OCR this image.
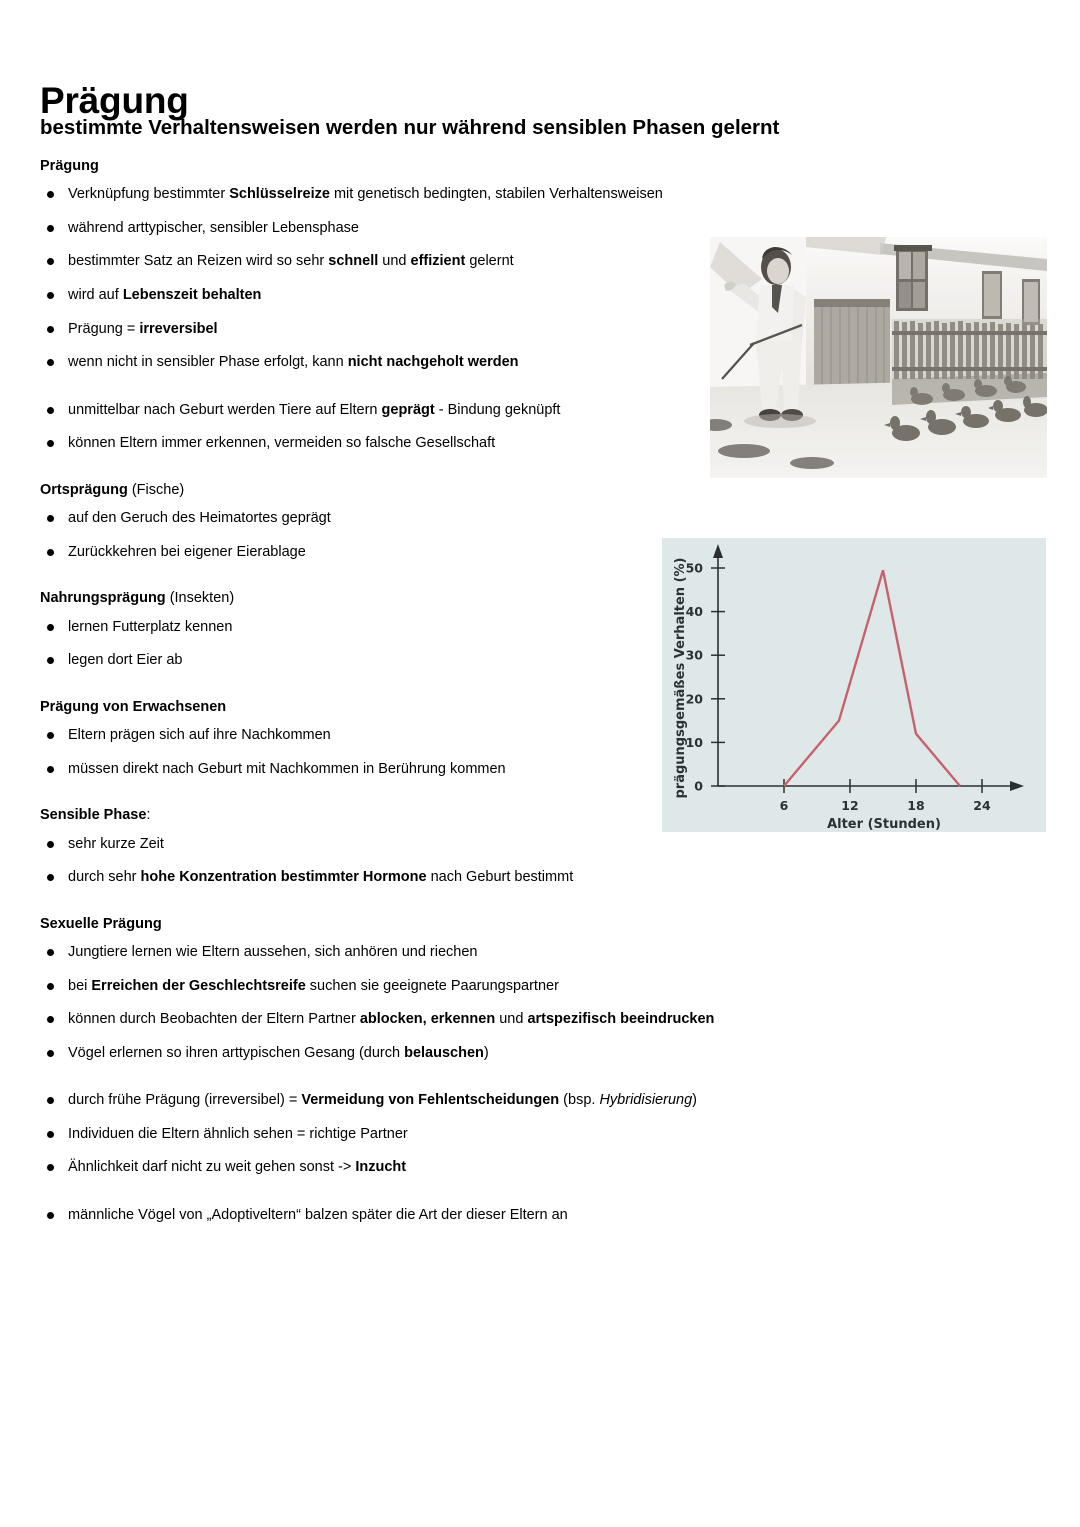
Prägung
bestimmte Verhaltensweisen werden nur während sensiblen Phasen gelernt
Prägung
Verknüpfung bestimmter Schlüsselreize mit genetisch bedingten, stabilen Verhaltensweisen
während arttypischer, sensibler Lebensphase
bestimmter Satz an Reizen wird so sehr schnell und effizient gelernt
wird auf Lebenszeit behalten
Prägung = irreversibel
wenn nicht in sensibler Phase erfolgt, kann nicht nachgeholt werden
unmittelbar nach Geburt werden Tiere auf Eltern geprägt - Bindung geknüpft
können Eltern immer erkennen, vermeiden so falsche Gesellschaft
Ortsprägung (Fische)
auf den Geruch des Heimatortes geprägt
Zurückkehren bei eigener Eierablage
Nahrungsprägung (Insekten)
lernen Futterplatz kennen
legen dort Eier ab
Prägung von Erwachsenen
Eltern prägen sich auf ihre Nachkommen
müssen direkt nach Geburt mit Nachkommen in Berührung kommen
Sensible Phase:
sehr kurze Zeit
durch sehr hohe Konzentration bestimmter Hormone nach Geburt bestimmt
Sexuelle Prägung
Jungtiere lernen wie Eltern aussehen, sich anhören und riechen
bei Erreichen der Geschlechtsreife suchen sie geeignete Paarungspartner
können durch Beobachten der Eltern Partner ablocken, erkennen und artspezifisch beeindrucken
Vögel erlernen so ihren arttypischen Gesang (durch belauschen)
durch frühe Prägung (irreversibel) = Vermeidung von Fehlentscheidungen (bsp. Hybridisierung)
Individuen die Eltern ähnlich sehen = richtige Partner
Ähnlichkeit darf nicht zu weit gehen sonst -> Inzucht
männliche Vögel von „Adoptiveltern“ balzen später die Art der dieser Eltern an
0
10
20
30
40
50
6	12	18	24
Alter (Stunden)
prägungsgemäßes Verhalten (%)
